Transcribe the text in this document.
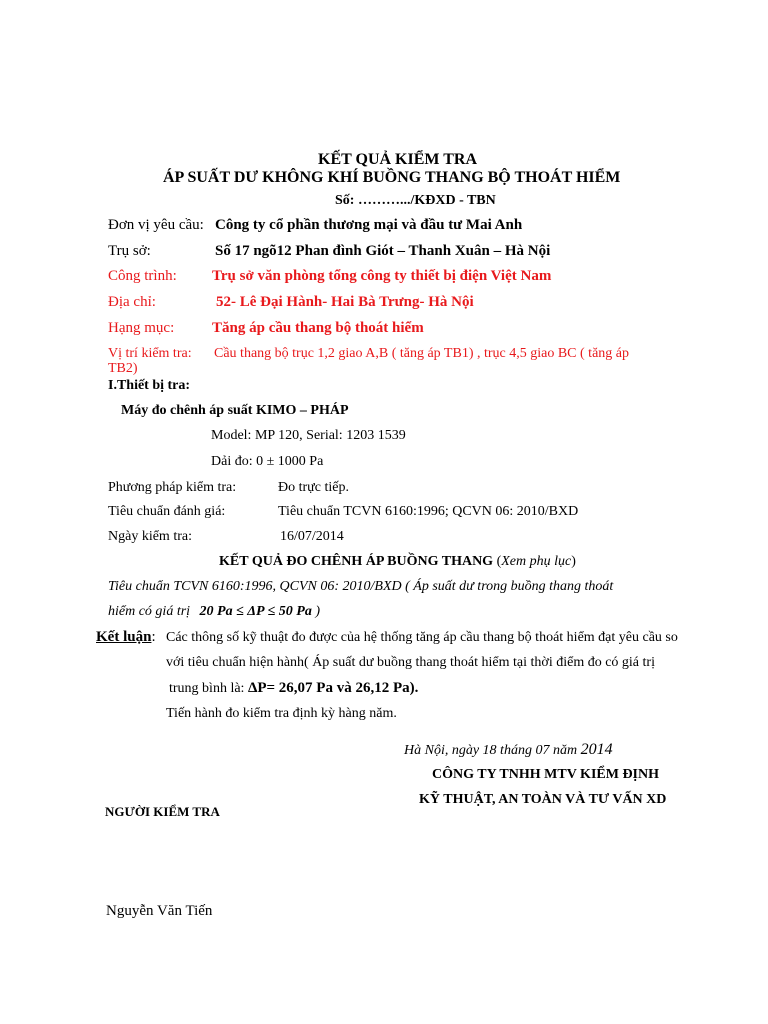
KẾT QUẢ KIỂM TRA
ÁP SUẤT DƯ KHÔNG KHÍ BUỒNG THANG BỘ THOÁT HIỂM
Số: ……….../KĐXD - TBN
Đơn vị yêu cầu: Công ty cổ phần thương mại và đầu tư Mai Anh
Trụ sở:	Số 17 ngõ12 Phan đình Giót – Thanh Xuân – Hà Nội
Công trình: Trụ sở văn phòng tổng công ty thiết bị điện Việt Nam
Địa chỉ:	52- Lê Đại Hành- Hai Bà Trưng- Hà Nội
Hạng mục:	Tăng áp cầu thang bộ thoát hiểm
Vị trí kiểm tra: Cầu thang bộ trục 1,2 giao A,B ( tăng áp TB1) , trục 4,5 giao BC ( tăng áp
TB2)
I.Thiết bị tra:
Máy đo chênh áp suất KIMO – PHÁP
Model: MP 120, Serial: 1203 1539
Dải đo: 0 ± 1000 Pa
Phương pháp kiểm tra:	Đo trực tiếp.
Tiêu chuẩn đánh giá:	Tiêu chuẩn TCVN 6160:1996; QCVN 06: 2010/BXD
Ngày kiểm tra:	16/07/2014
KẾT QUẢ ĐO CHÊNH ÁP BUỒNG THANG (Xem phụ lục)
Tiêu chuẩn TCVN 6160:1996, QCVN 06: 2010/BXD ( Áp suất dư trong buồng thang thoát
hiểm có giá trị 20 Pa ≤ ΔP ≤ 50 Pa )
Kết luận: Các thông số kỹ thuật đo được của hệ thống tăng áp cầu thang bộ thoát hiểm đạt yêu cầu so
với tiêu chuẩn hiện hành( Áp suất dư buồng thang thoát hiểm tại thời điểm đo có giá trị
trung bình là: ΔP= 26,07 Pa và 26,12 Pa).
Tiến hành đo kiểm tra định kỳ hàng năm.
Hà Nội, ngày 18 tháng 07 năm 2014
CÔNG TY TNHH MTV KIỂM ĐỊNH
KỸ THUẬT, AN TOÀN VÀ TƯ VẤN XD
NGƯỜI KIỂM TRA
Nguyễn Văn Tiến
